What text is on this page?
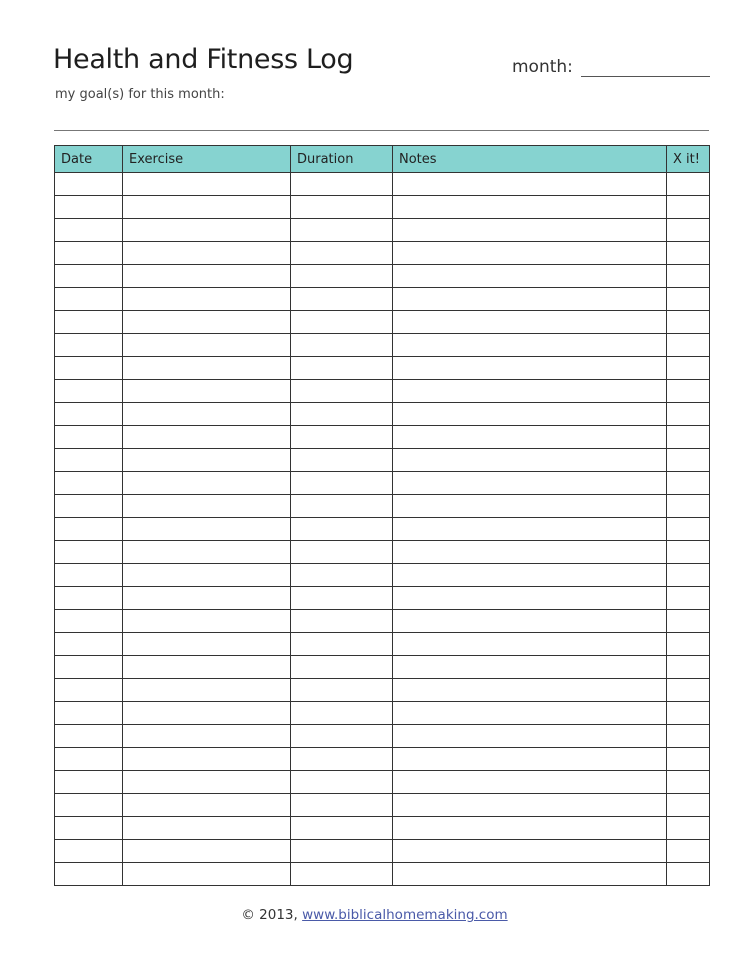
Health and Fitness Log	month:
my goal(s) for this month:
Date	Exercise	Duration	Notes	X it!

© 2013, www.biblicalhomemaking.com
